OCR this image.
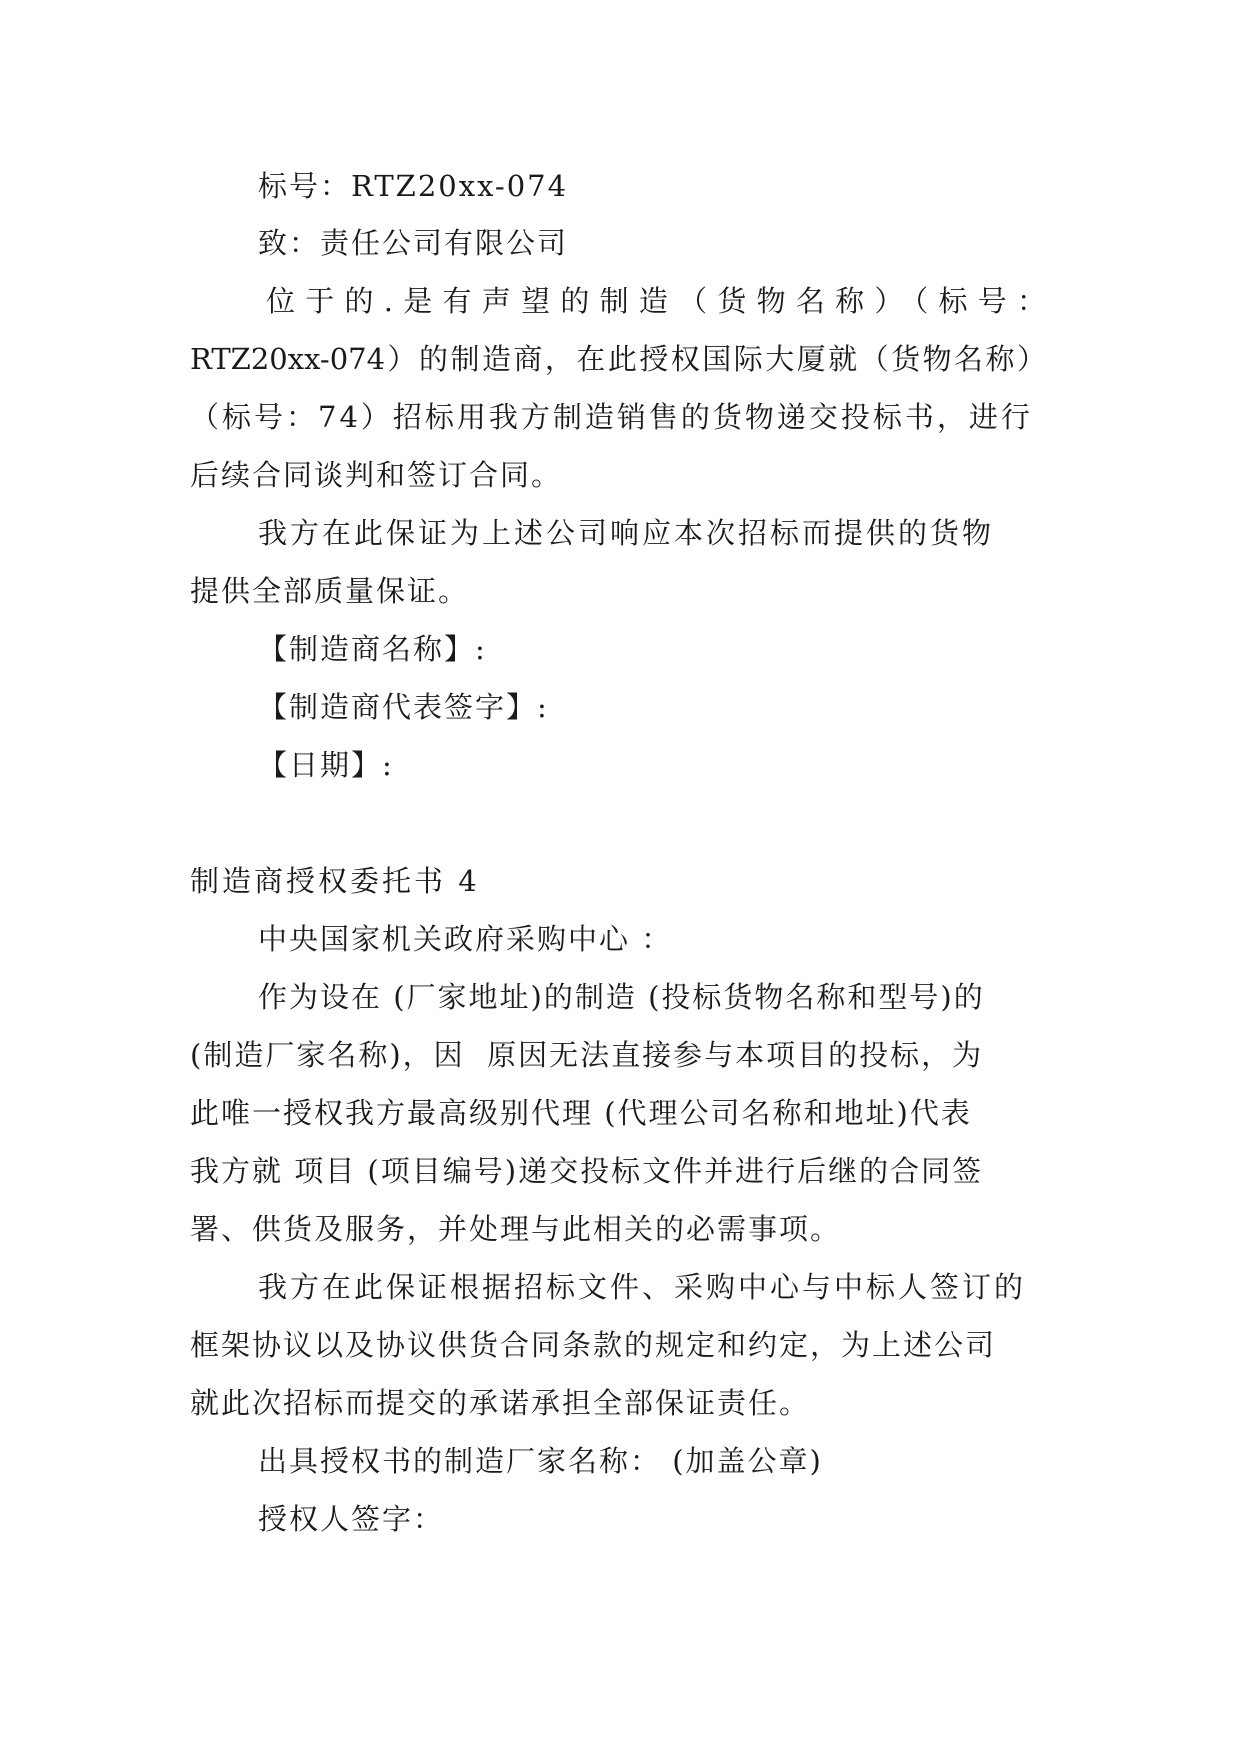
标号：RTZ20xx-074
致：责任公司有限公司
位于的.是有声望的制造（货物名称）（标号：
RTZ20xx-074）的制造商，在此授权国际大厦就（货物名称）
（标号：74）招标用我方制造销售的货物递交投标书，进行
后续合同谈判和签订合同。
我方在此保证为上述公司响应本次招标而提供的货物
提供全部质量保证。
【制造商名称】:
【制造商代表签字】:
【日期】:
制造商授权委托书 4
中央国家机关政府采购中心 ：
作为设在 (厂家地址)的制造 (投标货物名称和型号)的
(制造厂家名称)，因  原因无法直接参与本项目的投标，为
此唯一授权我方最高级别代理 (代理公司名称和地址)代表
我方就 项目 (项目编号)递交投标文件并进行后继的合同签
署、供货及服务，并处理与此相关的必需事项。
我方在此保证根据招标文件、采购中心与中标人签订的
框架协议以及协议供货合同条款的规定和约定，为上述公司
就此次招标而提交的承诺承担全部保证责任。
出具授权书的制造厂家名称： (加盖公章)
授权人签字：
